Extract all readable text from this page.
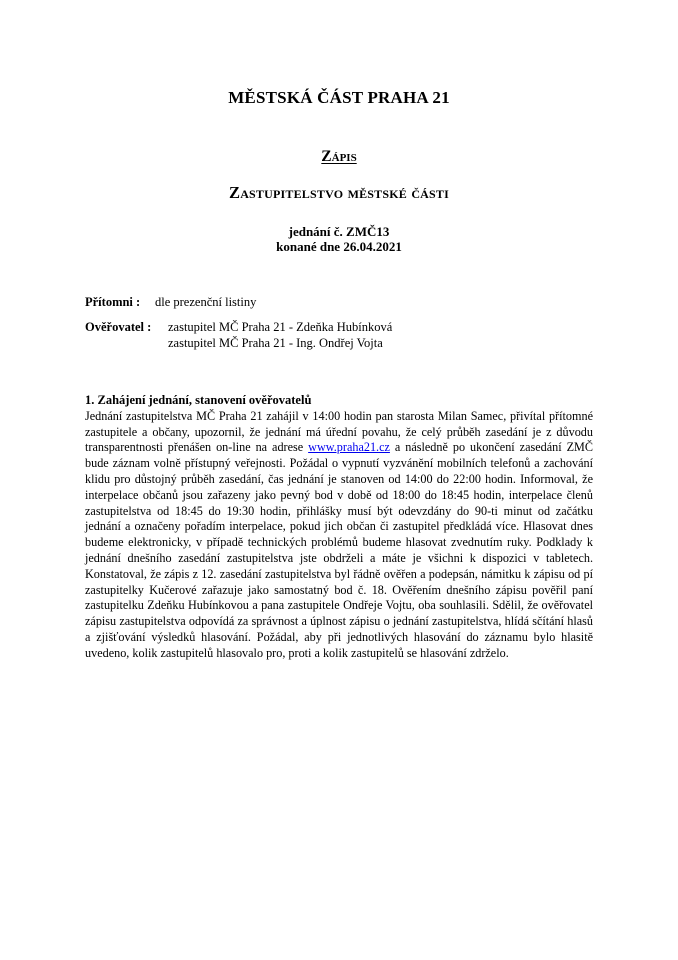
MĚSTSKÁ ČÁST PRAHA 21
Zápis
Zastupitelstvo městské části
jednání č. ZMČ13
konané dne 26.04.2021
Přítomni :	dle prezenční listiny
Ověřovatel :	zastupitel MČ Praha 21 - Zdeňka Hubínková
zastupitel MČ Praha 21 - Ing. Ondřej Vojta
1. Zahájení jednání, stanovení ověřovatelů

Jednání zastupitelstva MČ Praha 21 zahájil v 14:00 hodin pan starosta Milan Samec, přivítal přítomné zastupitele a občany, upozornil, že jednání má úřední povahu, že celý průběh zasedání je z důvodu transparentnosti přenášen on-line na adrese www.praha21.cz a následně po ukončení zasedání ZMČ bude záznam volně přístupný veřejnosti. Požádal o vypnutí vyzvánění mobilních telefonů a zachování klidu pro důstojný průběh zasedání, čas jednání je stanoven od 14:00 do 22:00 hodin. Informoval, že interpelace občanů jsou zařazeny jako pevný bod v době od 18:00 do 18:45 hodin, interpelace členů zastupitelstva od 18:45 do 19:30 hodin, přihlášky musí být odevzdány do 90-ti minut od začátku jednání a označeny pořadím interpelace, pokud jich občan či zastupitel předkládá více. Hlasovat dnes budeme elektronicky, v případě technických problémů budeme hlasovat zvednutím ruky. Podklady k jednání dnešního zasedání zastupitelstva jste obdrželi a máte je všichni k dispozici v tabletech. Konstatoval, že zápis z 12. zasedání zastupitelstva byl řádně ověřen a podepsán, námitku k zápisu od pí zastupitelky Kučerové zařazuje jako samostatný bod č. 18. Ověřením dnešního zápisu pověřil paní zastupitelku Zdeňku Hubínkovou a pana zastupitele Ondřeje Vojtu, oba souhlasili. Sdělil, že ověřovatel zápisu zastupitelstva odpovídá za správnost a úplnost zápisu o jednání zastupitelstva, hlídá sčítání hlasů a zjišťování výsledků hlasování. Požádal, aby při jednotlivých hlasování do záznamu bylo hlasitě uvedeno, kolik zastupitelů hlasovalo pro, proti a kolik zastupitelů se hlasování zdrželo.
